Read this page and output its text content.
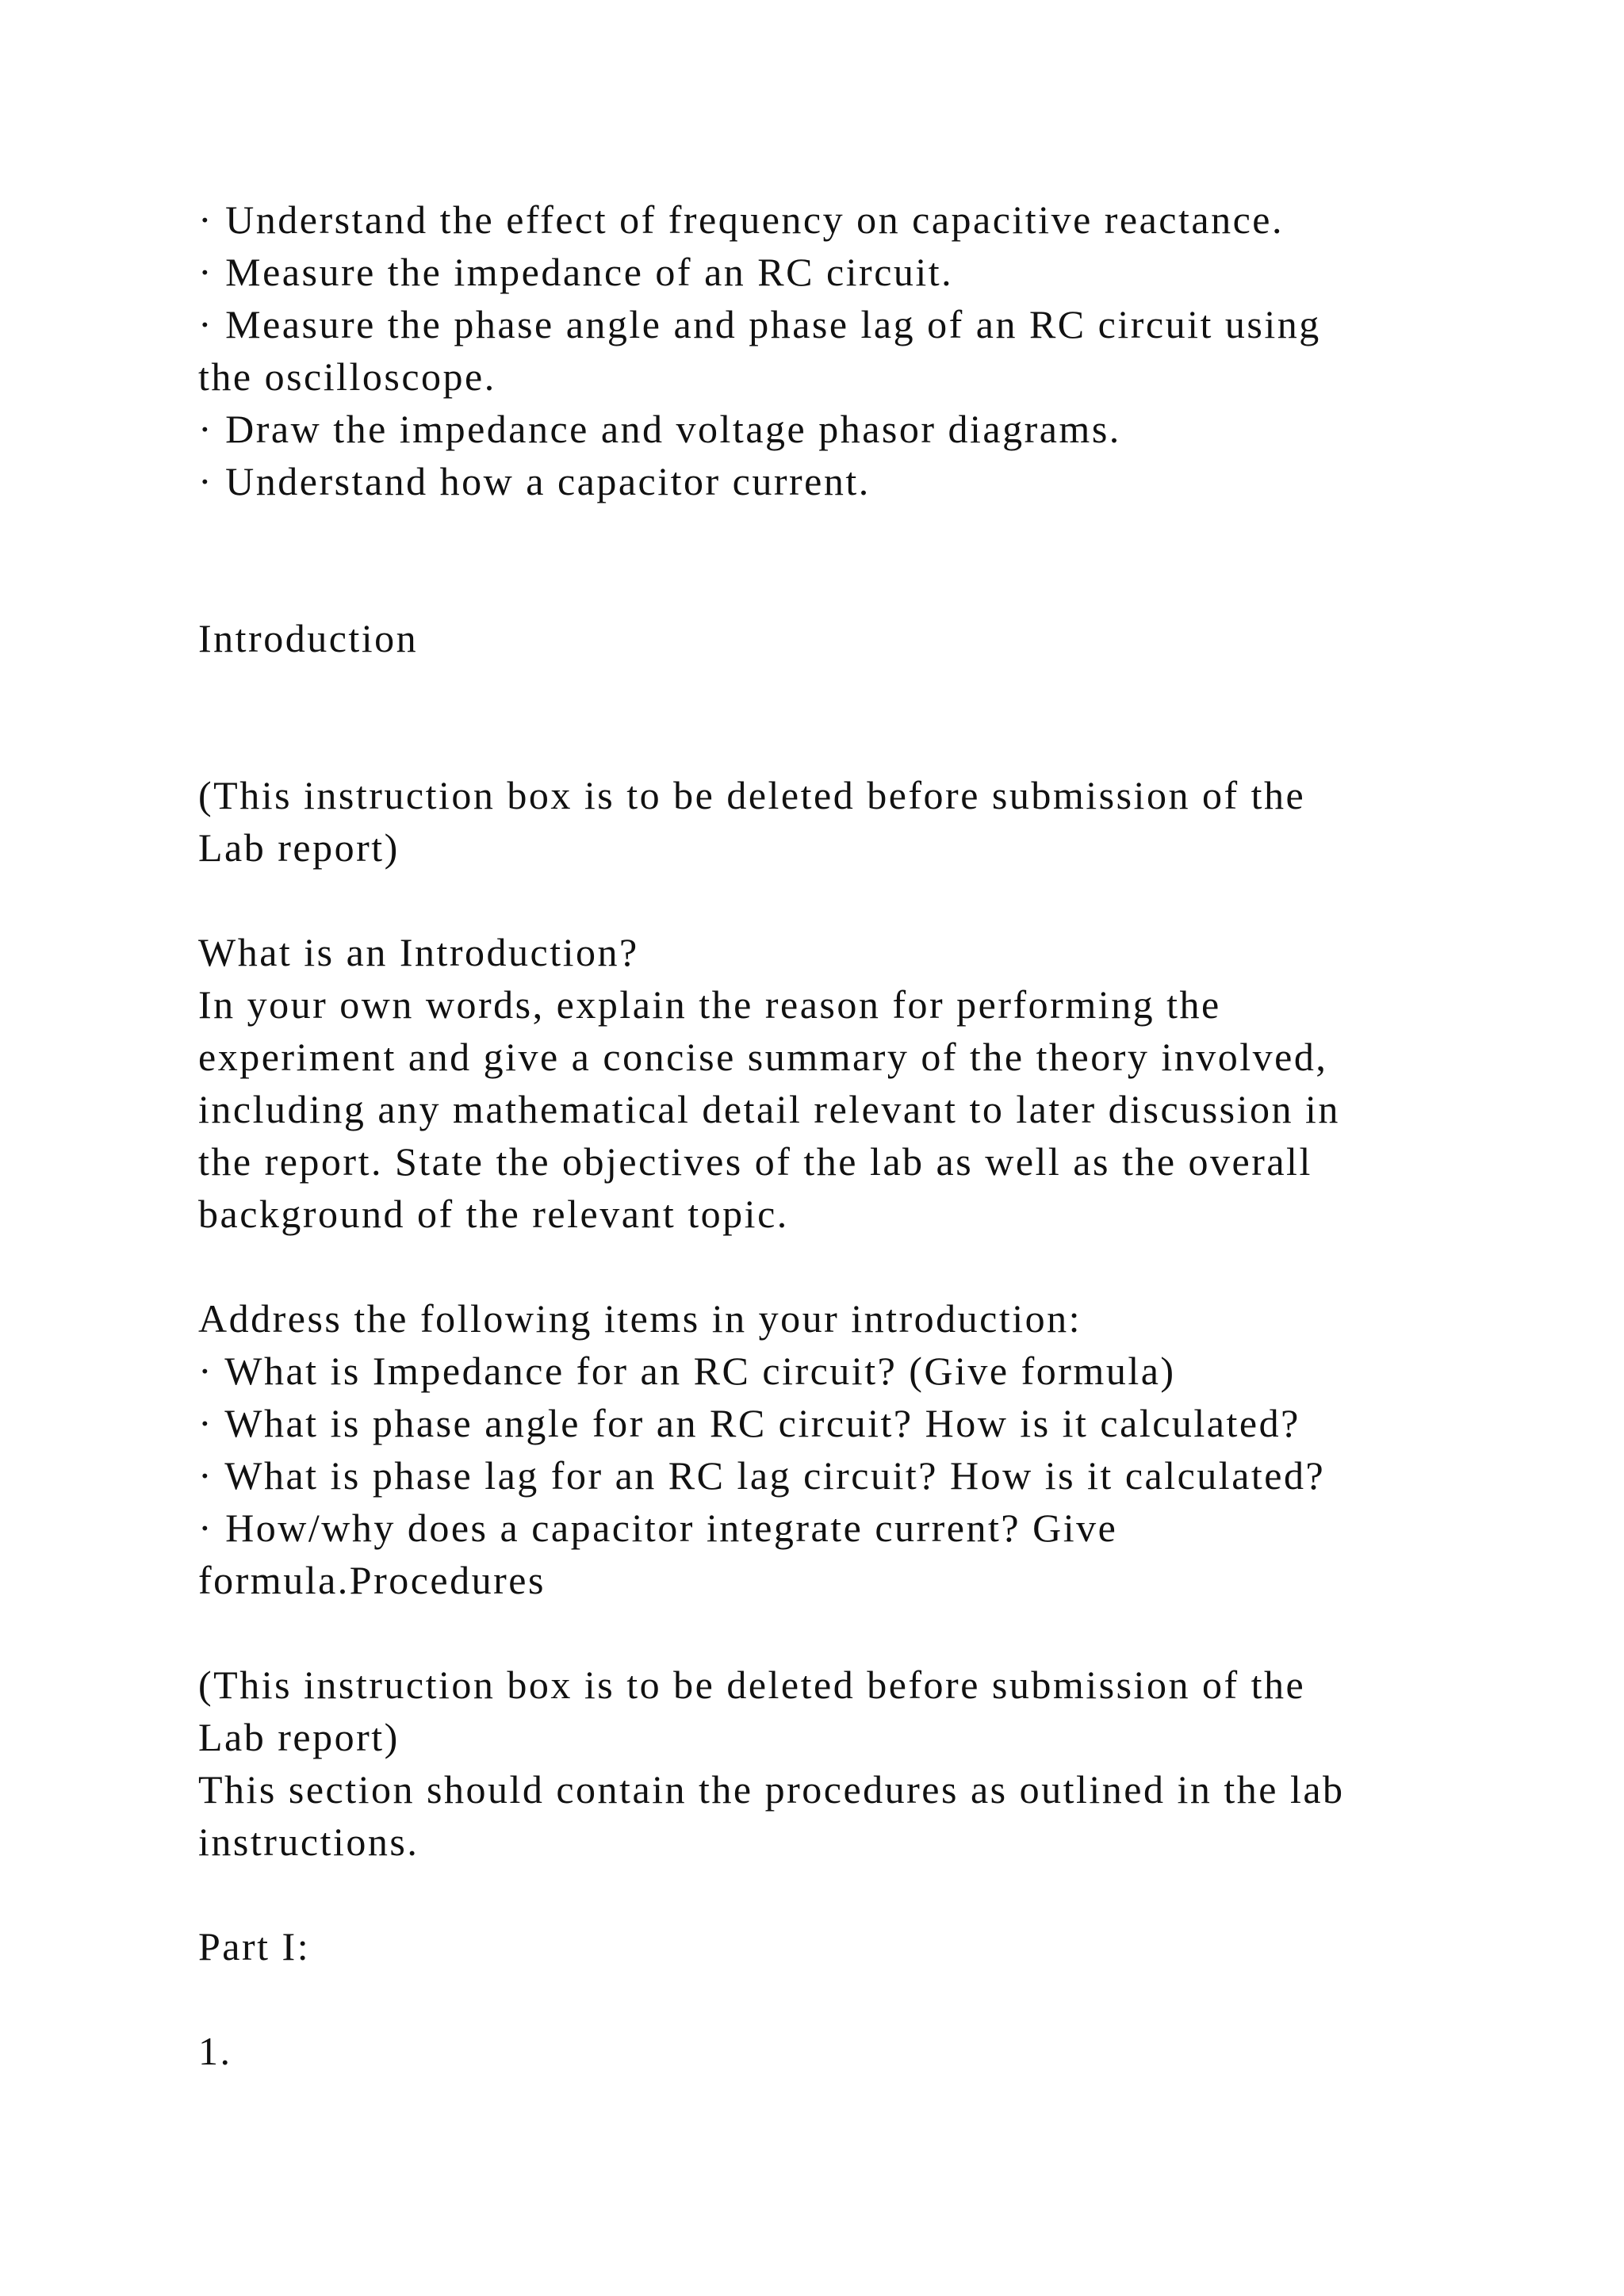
· Understand the effect of frequency on capacitive reactance.
· Measure the impedance of an RC circuit.
· Measure the phase angle and phase lag of an RC circuit using
the oscilloscope.
· Draw the impedance and voltage phasor diagrams.
· Understand how a capacitor current.
Introduction
(This instruction box is to be deleted before submission of the
Lab report)
What is an Introduction?
In your own words, explain the reason for performing the
experiment and give a concise summary of the theory involved,
including any mathematical detail relevant to later discussion in
the report. State the objectives of the lab as well as the overall
background of the relevant topic.
Address the following items in your introduction:
· What is Impedance for an RC circuit? (Give formula)
· What is phase angle for an RC circuit? How is it calculated?
· What is phase lag for an RC lag circuit? How is it calculated?
· How/why does a capacitor integrate current? Give
formula.Procedures
(This instruction box is to be deleted before submission of the
Lab report)
This section should contain the procedures as outlined in the lab
instructions.
Part I:
1.
